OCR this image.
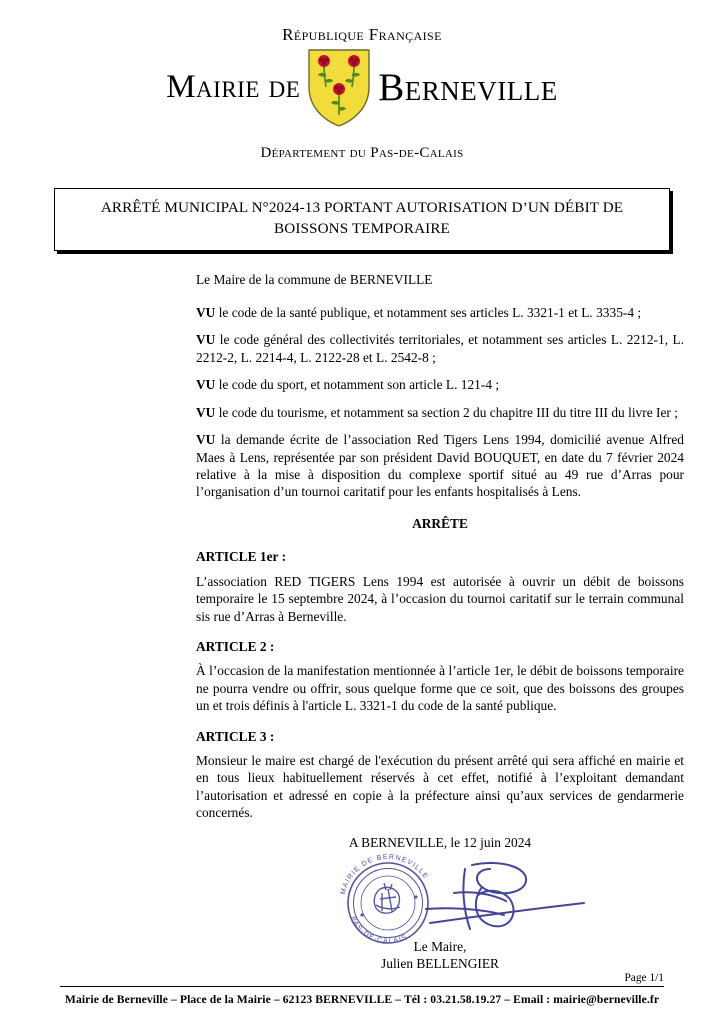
République Française
Mairie de Berneville
Département du Pas-de-Calais
ARRÊTÉ MUNICIPAL N°2024-13 PORTANT AUTORISATION D’UN DÉBIT DE BOISSONS TEMPORAIRE

Le Maire de la commune de BERNEVILLE

VU le code de la santé publique, et notamment ses articles L. 3321-1 et L. 3335-4 ;

VU le code général des collectivités territoriales, et notamment ses articles L. 2212-1, L. 2212-2, L. 2214-4, L. 2122-28 et L. 2542-8 ;

VU le code du sport, et notamment son article L. 121-4 ;

VU le code du tourisme, et notamment sa section 2 du chapitre III du titre III du livre Ier ;

VU la demande écrite de l’association Red Tigers Lens 1994, domicilié avenue Alfred Maes à Lens, représentée par son président David BOUQUET, en date du 7 février 2024 relative à la mise à disposition du complexe sportif situé au 49 rue d’Arras pour l’organisation d’un tournoi caritatif pour les enfants hospitalisés à Lens.

ARRÊTE

ARTICLE 1er :

L’association RED TIGERS Lens 1994 est autorisée à ouvrir un débit de boissons temporaire le 15 septembre 2024, à l’occasion du tournoi caritatif sur le terrain communal sis rue d’Arras à Berneville.

ARTICLE 2 :

À l’occasion de la manifestation mentionnée à l’article 1er, le débit de boissons temporaire ne pourra vendre ou offrir, sous quelque forme que ce soit, que des boissons des groupes un et trois définis à l'article L. 3321-1 du code de la santé publique.

ARTICLE 3 :

Monsieur le maire est chargé de l'exécution du présent arrêté qui sera affiché en mairie et en tous lieux habituellement réservés à cet effet, notifié à l’exploitant demandant l’autorisation et adressé en copie à la préfecture ainsi qu’aux services de gendarmerie concernés.

A BERNEVILLE, le 12 juin 2024

MAIRIE DE BERNEVILLE
PAS-DE-CALAIS

Le Maire,

Julien BELLENGIER

Page 1/1
Mairie de Berneville – Place de la Mairie – 62123 BERNEVILLE – Tél : 03.21.58.19.27 – Email : mairie@berneville.fr
